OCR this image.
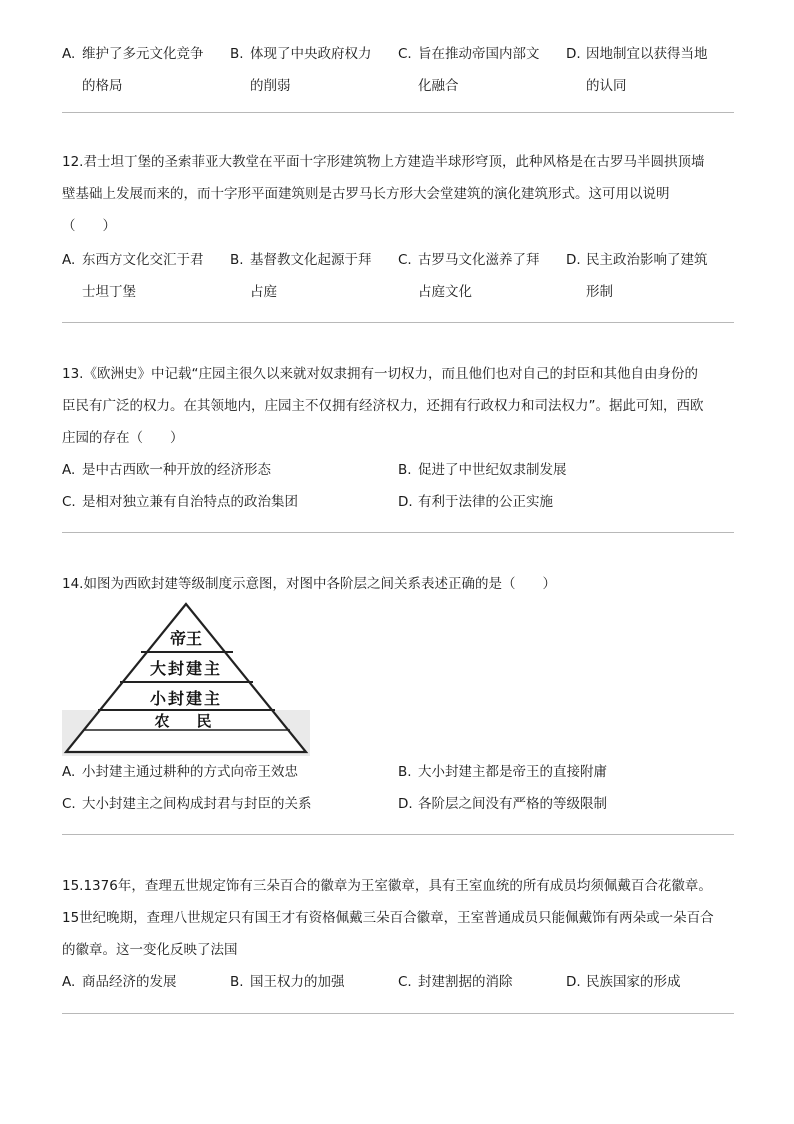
A. 维护了多元文化竞争
的格局
B. 体现了中央政府权力
的削弱
C. 旨在推动帝国内部文
化融合
D. 因地制宜以获得当地
的认同
12.君士坦丁堡的圣索菲亚大教堂在平面十字形建筑物上方建造半球形穹顶，此种风格是在古罗马半圆拱顶墙
壁基础上发展而来的，而十字形平面建筑则是古罗马长方形大会堂建筑的演化建筑形式。这可用以说明
（　　）
A. 东西方文化交汇于君
士坦丁堡
B. 基督教文化起源于拜
占庭
C. 古罗马文化滋养了拜
占庭文化
D. 民主政治影响了建筑
形制
13.《欧洲史》中记载“庄园主很久以来就对奴隶拥有一切权力，而且他们也对自己的封臣和其他自由身份的
臣民有广泛的权力。在其领地内，庄园主不仅拥有经济权力，还拥有行政权力和司法权力”。据此可知，西欧
庄园的存在（　　）
A. 是中古西欧一种开放的经济形态	B. 促进了中世纪奴隶制发展
C. 是相对独立兼有自治特点的政治集团	D. 有利于法律的公正实施
14.如图为西欧封建等级制度示意图，对图中各阶层之间关系表述正确的是（　　）
帝王
大封建主
小封建主
农　民
A. 小封建主通过耕种的方式向帝王效忠	B. 大小封建主都是帝王的直接附庸
C. 大小封建主之间构成封君与封臣的关系	D. 各阶层之间没有严格的等级限制
15.1376年，查理五世规定饰有三朵百合的徽章为王室徽章，具有王室血统的所有成员均须佩戴百合花徽章。
15世纪晚期，查理八世规定只有国王才有资格佩戴三朵百合徽章，王室普通成员只能佩戴饰有两朵或一朵百合
的徽章。这一变化反映了法国
A. 商品经济的发展	B. 国王权力的加强	C. 封建割据的消除	D. 民族国家的形成
